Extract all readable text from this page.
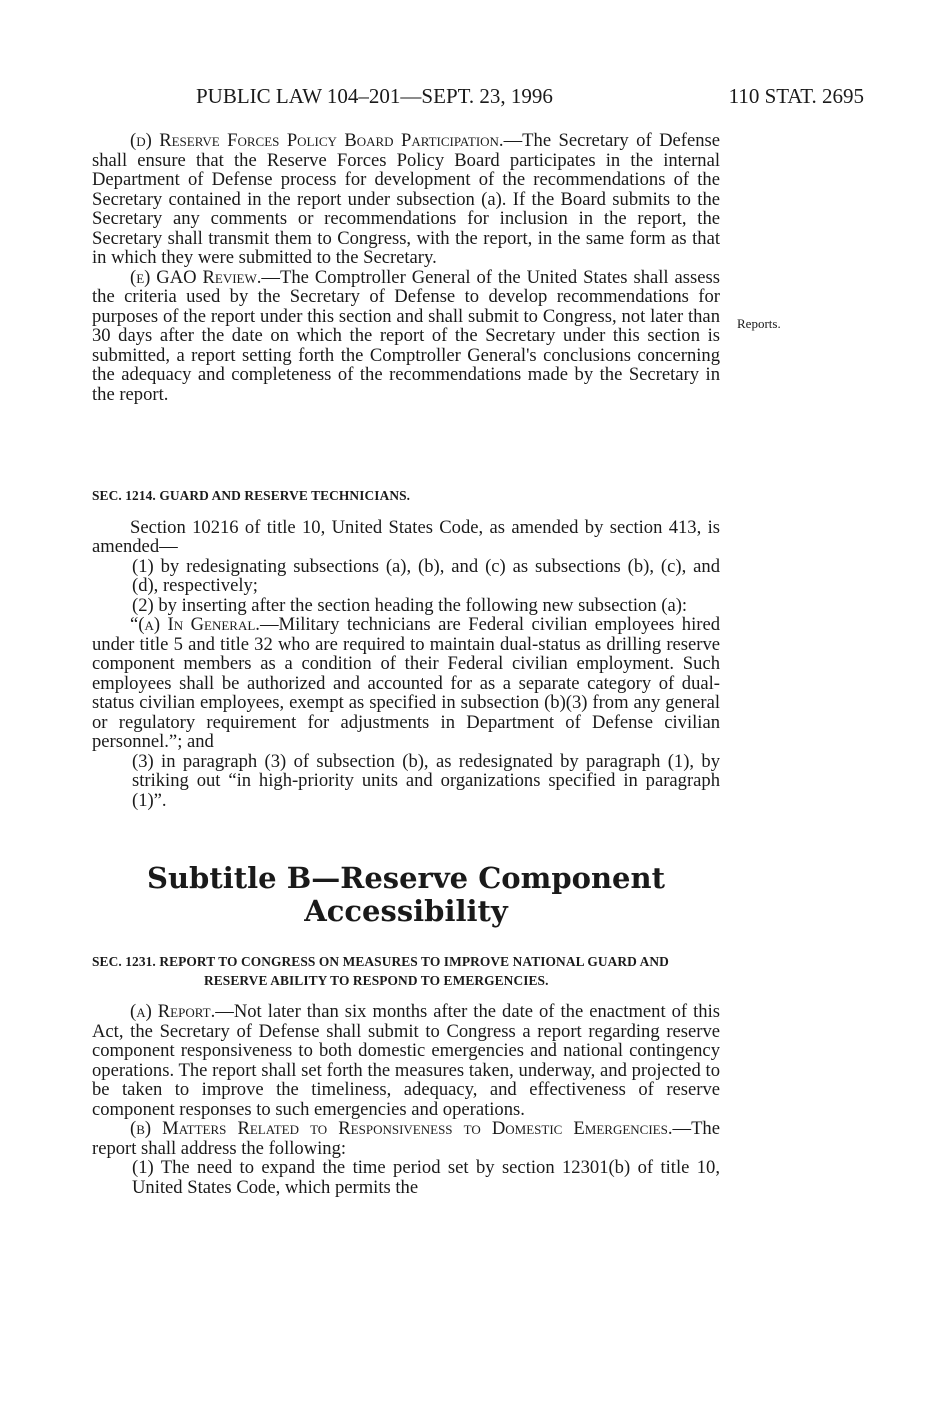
PUBLIC LAW 104–201—SEPT. 23, 1996	110 STAT. 2695
Reports.

(d) Reserve Forces Policy Board Participation.—The Secretary of Defense shall ensure that the Reserve Forces Policy Board participates in the internal Department of Defense process for development of the recommendations of the Secretary contained in the report under subsection (a). If the Board submits to the Secretary any comments or recommendations for inclusion in the report, the Secretary shall transmit them to Congress, with the report, in the same form as that in which they were submitted to the Secretary.

(e) GAO Review.—The Comptroller General of the United States shall assess the criteria used by the Secretary of Defense to develop recommendations for purposes of the report under this section and shall submit to Congress, not later than 30 days after the date on which the report of the Secretary under this section is submitted, a report setting forth the Comptroller General's conclusions concerning the adequacy and completeness of the recommendations made by the Secretary in the report.

SEC. 1214. GUARD AND RESERVE TECHNICIANS.

Section 10216 of title 10, United States Code, as amended by section 413, is amended—

(1) by redesignating subsections (a), (b), and (c) as subsections (b), (c), and (d), respectively;

(2) by inserting after the section heading the following new subsection (a):

“(a) In General.—Military technicians are Federal civilian employees hired under title 5 and title 32 who are required to maintain dual-status as drilling reserve component members as a condition of their Federal civilian employment. Such employees shall be authorized and accounted for as a separate category of dual-status civilian employees, exempt as specified in subsection (b)(3) from any general or regulatory requirement for adjustments in Department of Defense civilian personnel.”; and

(3) in paragraph (3) of subsection (b), as redesignated by paragraph (1), by striking out “in high-priority units and organizations specified in paragraph (1)”.

Subtitle B—Reserve Component
Accessibility

SEC. 1231. REPORT TO CONGRESS ON MEASURES TO IMPROVE NATIONAL GUARD AND RESERVE ABILITY TO RESPOND TO EMERGENCIES.

(a) Report.—Not later than six months after the date of the enactment of this Act, the Secretary of Defense shall submit to Congress a report regarding reserve component responsiveness to both domestic emergencies and national contingency operations. The report shall set forth the measures taken, underway, and projected to be taken to improve the timeliness, adequacy, and effectiveness of reserve component responses to such emergencies and operations.

(b) Matters Related to Responsiveness to Domestic Emergencies.—The report shall address the following:

(1) The need to expand the time period set by section 12301(b) of title 10, United States Code, which permits the
